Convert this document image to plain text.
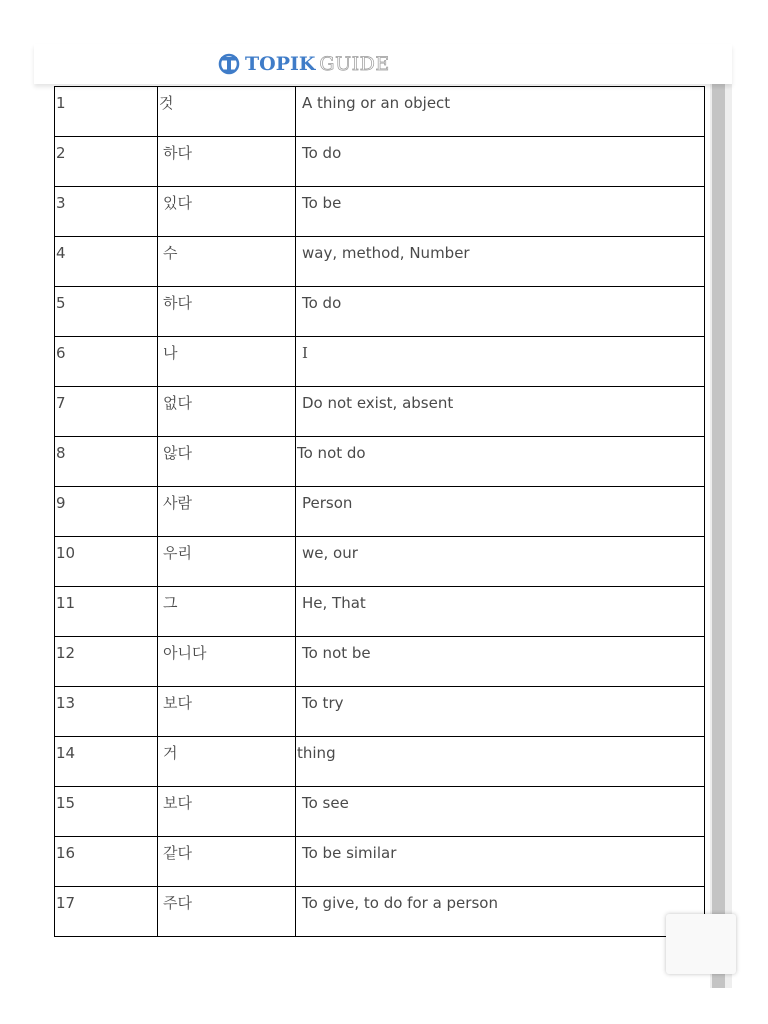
TOPIK GUIDE
1	것	A thing or an object

2	하다	To do

3	있다	To be

4	수	way, method, Number

5	하다	To do

6	나	I

7	없다	Do not exist, absent

8	않다	To not do

9	사람	Person

10	우리	we, our

11	그	He, That

12	아니다	To not be

13	보다	To try

14	거	thing

15	보다	To see

16	같다	To be similar

17	주다	To give, to do for a person
